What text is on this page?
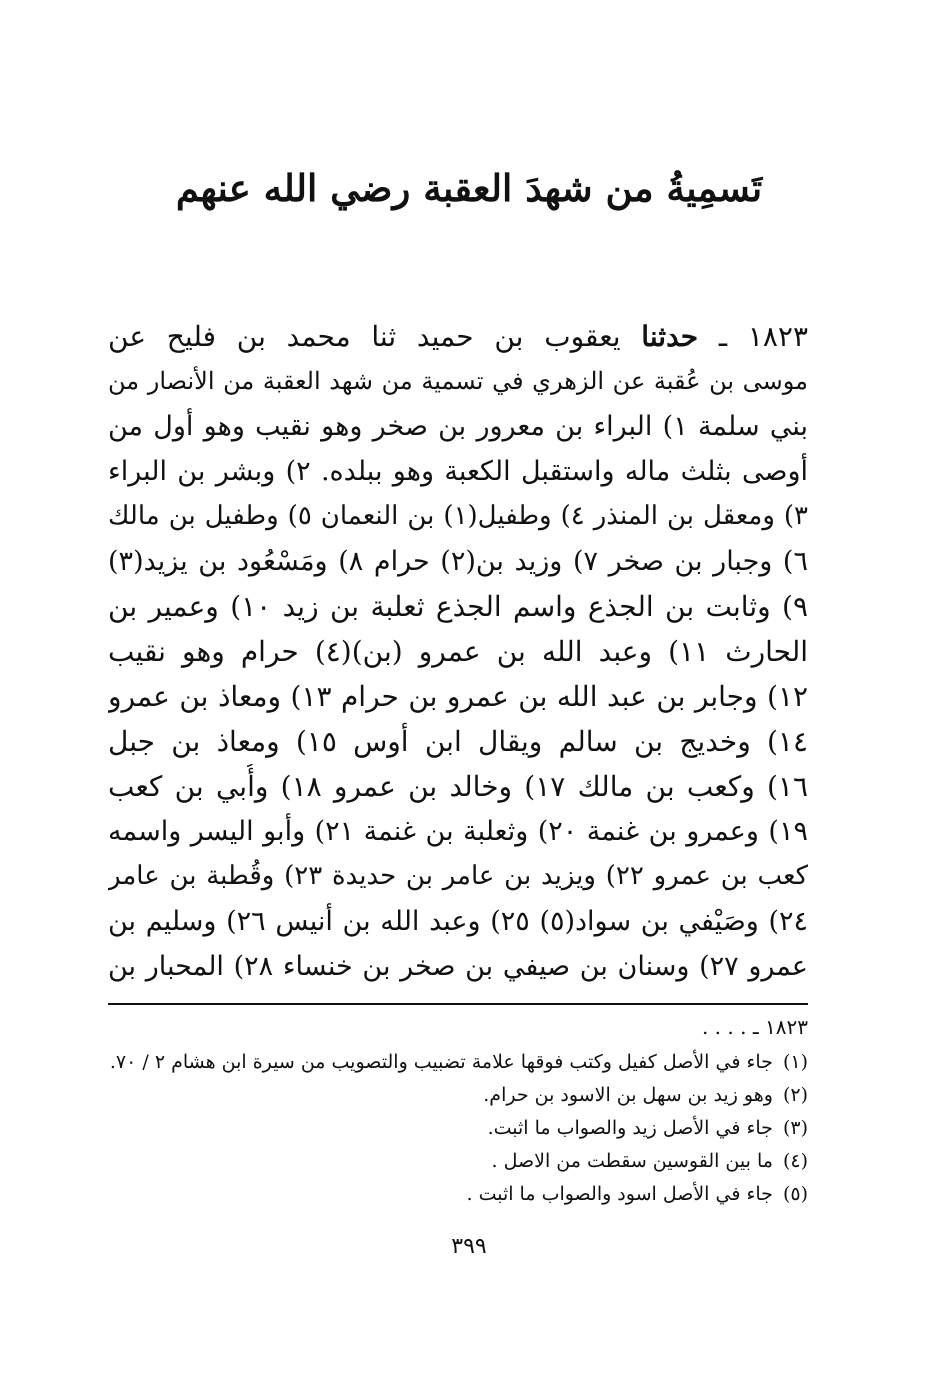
تَسمِيةُ من شهدَ العقبة رضي الله عنهم
١٨٢٣ ـ حدثنا يعقوب بن حميد ثنا محمد بن فليح عن
موسى بن عُقبة عن الزهري في تسمية من شهد العقبة من الأنصار من
بني سلمة ١) البراء بن معرور بن صخر وهو نقيب وهو أول من
أوصى بثلث ماله واستقبل الكعبة وهو ببلده. ٢) وبشر بن البراء
٣) ومعقل بن المنذر ٤) وطفيل(١) بن النعمان ٥) وطفيل بن مالك
٦) وجبار بن صخر ٧) وزيد بن(٢) حرام ٨) ومَسْعُود بن يزيد(٣)
٩) وثابت بن الجذع واسم الجذع ثعلبة بن زيد ١٠) وعمير بن
الحارث ١١) وعبد الله بن عمرو (بن)(٤) حرام وهو نقيب
١٢) وجابر بن عبد الله بن عمرو بن حرام ١٣) ومعاذ بن عمرو
١٤) وخديج بن سالم ويقال ابن أوس ١٥) ومعاذ بن جبل
١٦) وكعب بن مالك ١٧) وخالد بن عمرو ١٨) وأُبي بن كعب
١٩) وعمرو بن غنمة ٢٠) وثعلبة بن غنمة ٢١) وأبو اليسر واسمه
كعب بن عمرو ٢٢) ويزيد بن عامر بن حديدة ٢٣) وقُطبة بن عامر
٢٤) وصَيْفي بن سواد(٥) ٢٥) وعبد الله بن أنيس ٢٦) وسليم بن
عمرو ٢٧) وسنان بن صيفي بن صخر بن خنساء ٢٨) المحبار بن
١٨٢٣ ـ . . . .
(١)جاء في الأصل كفيل وكتب فوقها علامة تضبيب والتصويب من سيرة ابن هشام ٢ / ٧٠.
(٢)وهو زيد بن سهل بن الاسود بن حرام.
(٣)جاء في الأصل زيد والصواب ما اثبت.
(٤)ما بين القوسين سقطت من الاصل .
(٥)جاء في الأصل اسود والصواب ما اثبت .
٣٩٩
